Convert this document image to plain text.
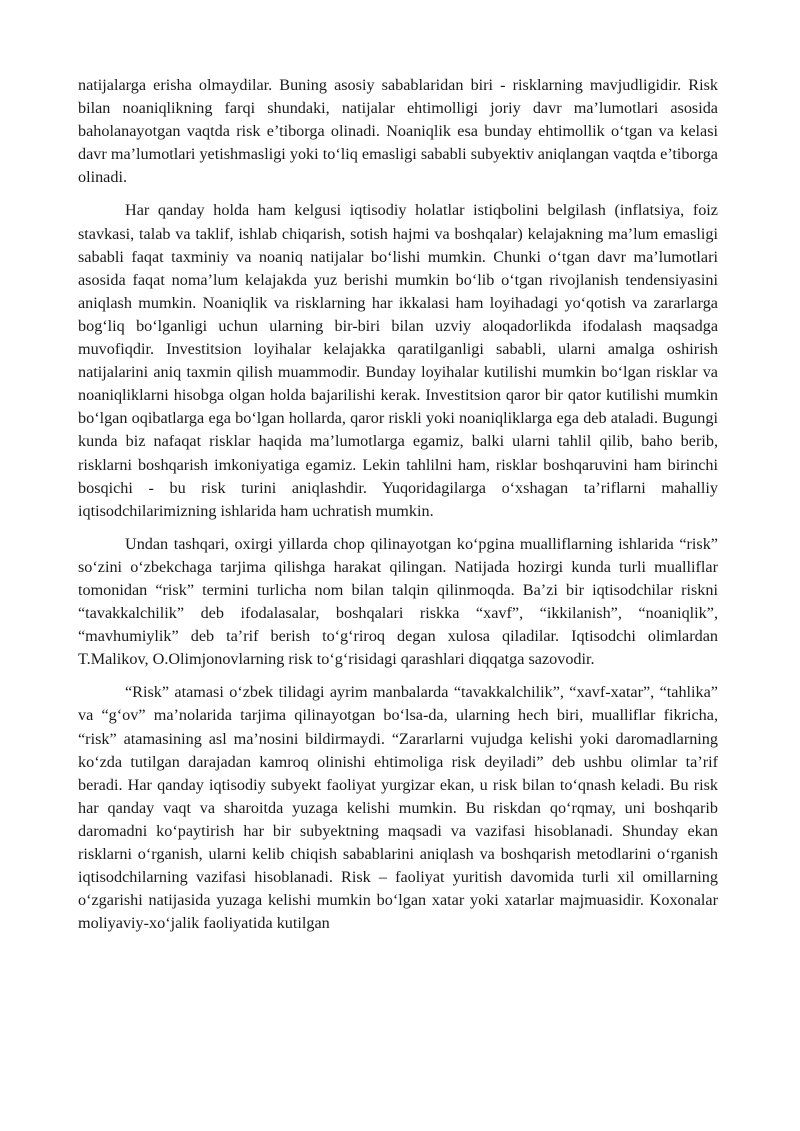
natijalarga erisha olmaydilar. Buning asosiy sabablaridan biri - risklarning mavjudligidir. Risk bilan noaniqlikning farqi shundaki, natijalar ehtimolligi joriy davr ma’lumotlari asosida baholanayotgan vaqtda risk e’tiborga olinadi. Noaniqlik esa bunday ehtimollik o‘tgan va kelasi davr ma’lumotlari yetishmasligi yoki to‘liq emasligi sababli subyektiv aniqlangan vaqtda e’tiborga olinadi.

Har qanday holda ham kelgusi iqtisodiy holatlar istiqbolini belgilash (inflatsiya, foiz stavkasi, talab va taklif, ishlab chiqarish, sotish hajmi va boshqalar) kelajakning ma’lum emasligi sababli faqat taxminiy va noaniq natijalar bo‘lishi mumkin. Chunki o‘tgan davr ma’lumotlari asosida faqat noma’lum kelajakda yuz berishi mumkin bo‘lib o‘tgan rivojlanish tendensiyasini aniqlash mumkin. Noaniqlik va risklarning har ikkalasi ham loyihadagi yo‘qotish va zararlarga bog‘liq bo‘lganligi uchun ularning bir-biri bilan uzviy aloqadorlikda ifodalash maqsadga muvofiqdir. Investitsion loyihalar kelajakka qaratilganligi sababli, ularni amalga oshirish natijalarini aniq taxmin qilish muammodir. Bunday loyihalar kutilishi mumkin bo‘lgan risklar va noaniqliklarni hisobga olgan holda bajarilishi kerak. Investitsion qaror bir qator kutilishi mumkin bo‘lgan oqibatlarga ega bo‘lgan hollarda, qaror riskli yoki noaniqliklarga ega deb ataladi. Bugungi kunda biz nafaqat risklar haqida ma’lumotlarga egamiz, balki ularni tahlil qilib, baho berib, risklarni boshqarish imkoniyatiga egamiz. Lekin tahlilni ham, risklar boshqaruvini ham birinchi bosqichi - bu risk turini aniqlashdir. Yuqoridagilarga o‘xshagan ta’riflarni mahalliy iqtisodchilarimizning ishlarida ham uchratish mumkin.

Undan tashqari, oxirgi yillarda chop qilinayotgan ko‘pgina mualliflarning ishlarida “risk” so‘zini o‘zbekchaga tarjima qilishga harakat qilingan. Natijada hozirgi kunda turli mualliflar tomonidan “risk” termini turlicha nom bilan talqin qilinmoqda. Ba’zi bir iqtisodchilar riskni “tavakkalchilik” deb ifodalasalar, boshqalari riskka “xavf”, “ikkilanish”, “noaniqlik”, “mavhumiylik” deb ta’rif berish to‘g‘riroq degan xulosa qiladilar. Iqtisodchi olimlardan T.Malikov, O.Olimjonovlarning risk to‘g‘risidagi qarashlari diqqatga sazovodir.

“Risk” atamasi o‘zbek tilidagi ayrim manbalarda “tavakkalchilik”, “xavf-xatar”, “tahlika” va “g‘ov” ma’nolarida tarjima qilinayotgan bo‘lsa-da, ularning hech biri, mualliflar fikricha, “risk” atamasining asl ma’nosini bildirmaydi. “Zararlarni vujudga kelishi yoki daromadlarning ko‘zda tutilgan darajadan kamroq olinishi ehtimoliga risk deyiladi” deb ushbu olimlar ta’rif beradi. Har qanday iqtisodiy subyekt faoliyat yurgizar ekan, u risk bilan to‘qnash keladi. Bu risk har qanday vaqt va sharoitda yuzaga kelishi mumkin. Bu riskdan qo‘rqmay, uni boshqarib daromadni ko‘paytirish har bir subyektning maqsadi va vazifasi hisoblanadi. Shunday ekan risklarni o‘rganish, ularni kelib chiqish sabablarini aniqlash va boshqarish metodlarini o‘rganish iqtisodchilarning vazifasi hisoblanadi. Risk – faoliyat yuritish davomida turli xil omillarning o‘zgarishi natijasida yuzaga kelishi mumkin bo‘lgan xatar yoki xatarlar majmuasidir. Koxonalar moliyaviy-xo‘jalik faoliyatida kutilgan
